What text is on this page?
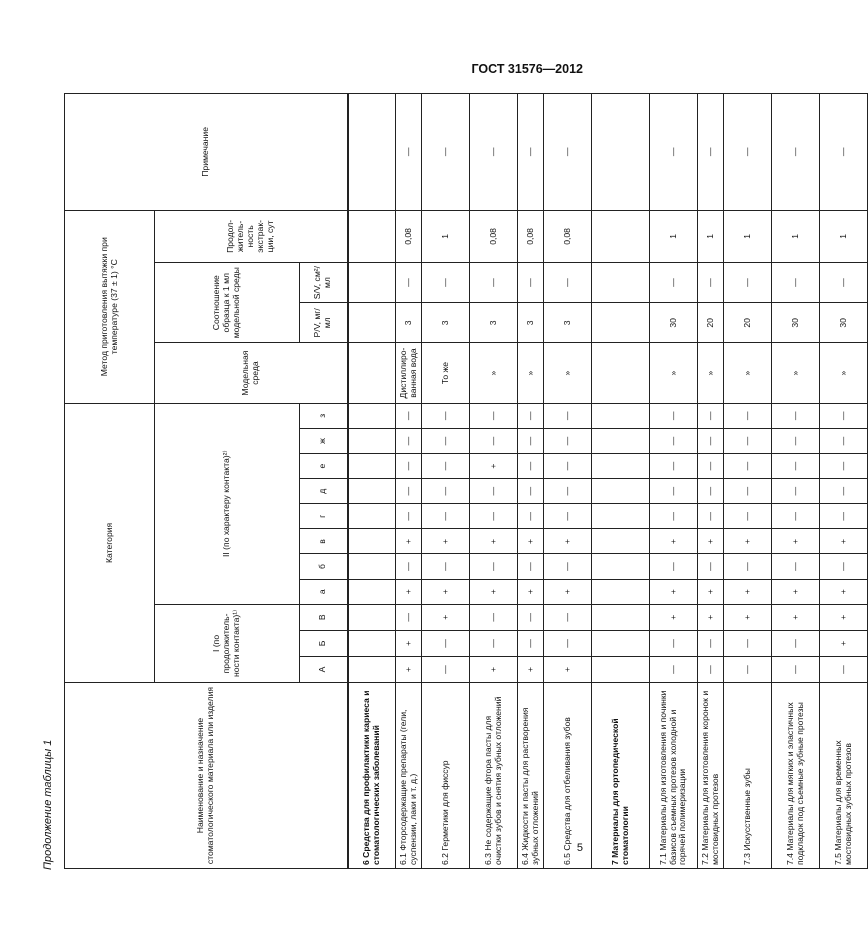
ГОСТ 31576—2012
Продолжение таблицы 1	Наименование и назначение стоматологического материала или изделия	Категория											Метод приготовления вытяжки при температуре (37 ± 1) °С				Примечание
	I (по продолжитель-ности контакта)¹⁾			II (по характеру контакта)²⁾								Модельная среда	Соотношение образца к 1 мл модельной среды		Продол-житель-ность экстрак-ции, сут	
	А	Б	В	а	б	в	г	д	е	ж	з		P/V, мг/мл	S/V, см²/мл		
6 Средства для профилактики кариеса и стоматологических заболеваний																
6.1 Фторсодержащие препараты (гели, суспензии, лаки и т. д.)	+	+	—	+	—	+	—	—	—	—	—	Дистиллиро-ванная вода	3	—	0,08	—
6.2 Герметики для фиссур	—	—	+	+	—	+	—	—	—	—	—	То же	3	—	1	—
6.3 Не содержащие фтора пасты для очистки зубов и снятия зубных отложений	+	—	—	+	—	+	—	—	+	—	—	»	3	—	0,08	—
6.4 Жидкости и пасты для растворения зубных отложений	+	—	—	+	—	+	—	—	—	—	—	»	3	—	0,08	—
6.5 Средства для отбеливания зубов	+	—	—	+	—	+	—	—	—	—	—	»	3	—	0,08	—
7 Материалы для ортопедической стоматологии																
7.1 Материалы для изготовления и починки базисов съемных протезов холодной и горячей полимеризации	—	—	+	+	—	+	—	—	—	—	—	»	30	—	1	—
7.2 Материалы для изготовления коронок и мостовидных протезов	—	—	+	+	—	+	—	—	—	—	—	»	20	—	1	—
7.3 Искусственные зубы	—	—	+	+	—	+	—	—	—	—	—	»	20	—	1	—
7.4 Материалы для мягких и эластичных подкладок под съемные зубные протезы	—	—	+	+	—	+	—	—	—	—	—	»	30	—	1	—
7.5 Материалы для временных мостовидных зубных протезов	—	+	+	+	—	+	—	—	—	—	—	»	30	—	1	—
5
